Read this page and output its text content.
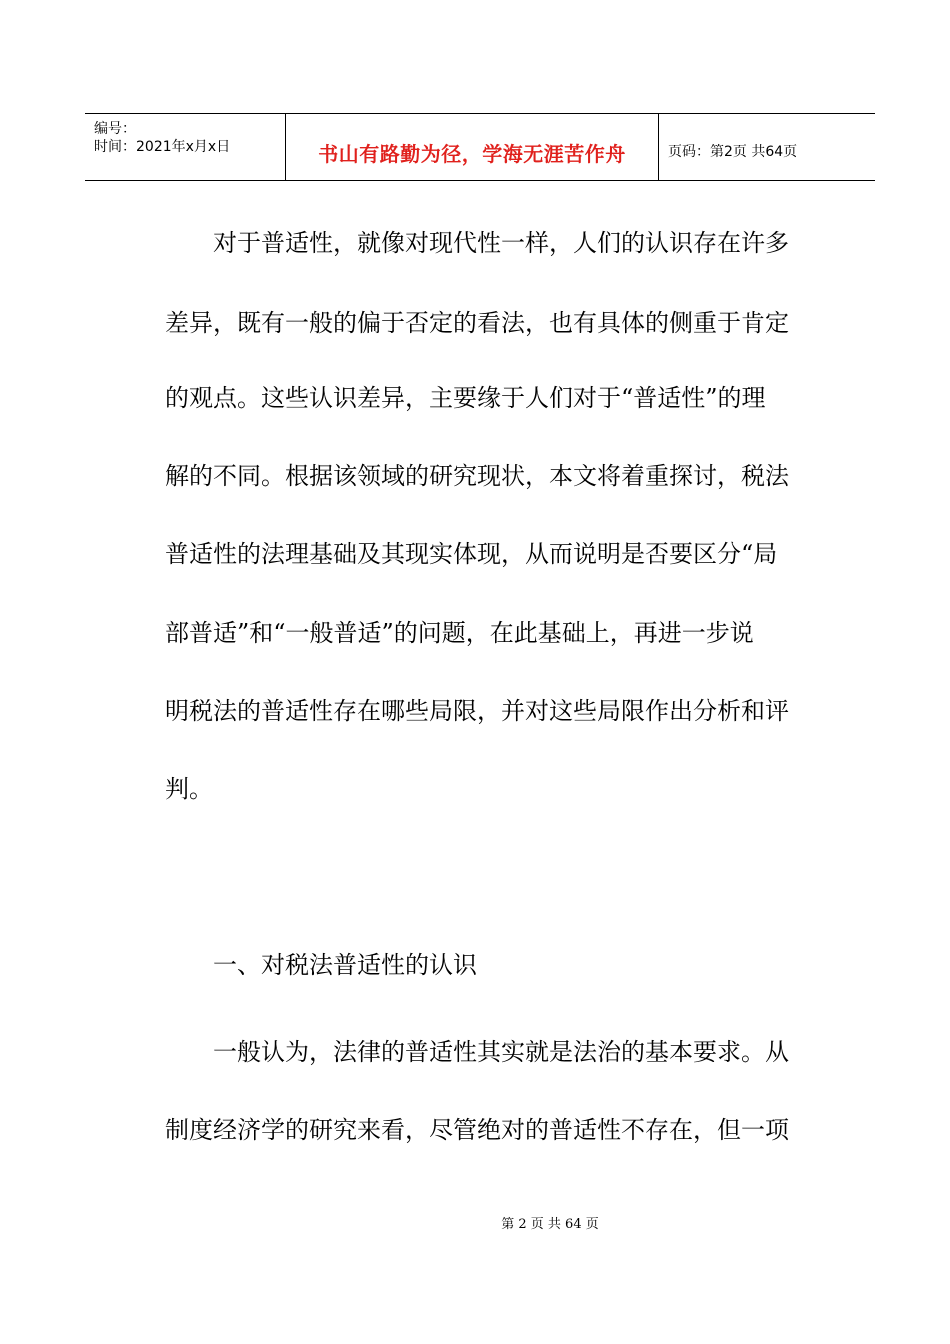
编号：
时间：2021年x月x日	书山有路勤为径，学海无涯苦作舟	页码：第2页 共64页
　　对于普适性，就像对现代性一样，人们的认识存在许多
差异，既有一般的偏于否定的看法，也有具体的侧重于肯定
的观点。这些认识差异，主要缘于人们对于“普适性”的理
解的不同。根据该领域的研究现状，本文将着重探讨，税法
普适性的法理基础及其现实体现，从而说明是否要区分“局
部普适”和“一般普适”的问题，在此基础上，再进一步说
明税法的普适性存在哪些局限，并对这些局限作出分析和评
判。
　　一、对税法普适性的认识
　　一般认为，法律的普适性其实就是法治的基本要求。从
制度经济学的研究来看，尽管绝对的普适性不存在，但一项
第 2 页 共 64 页
